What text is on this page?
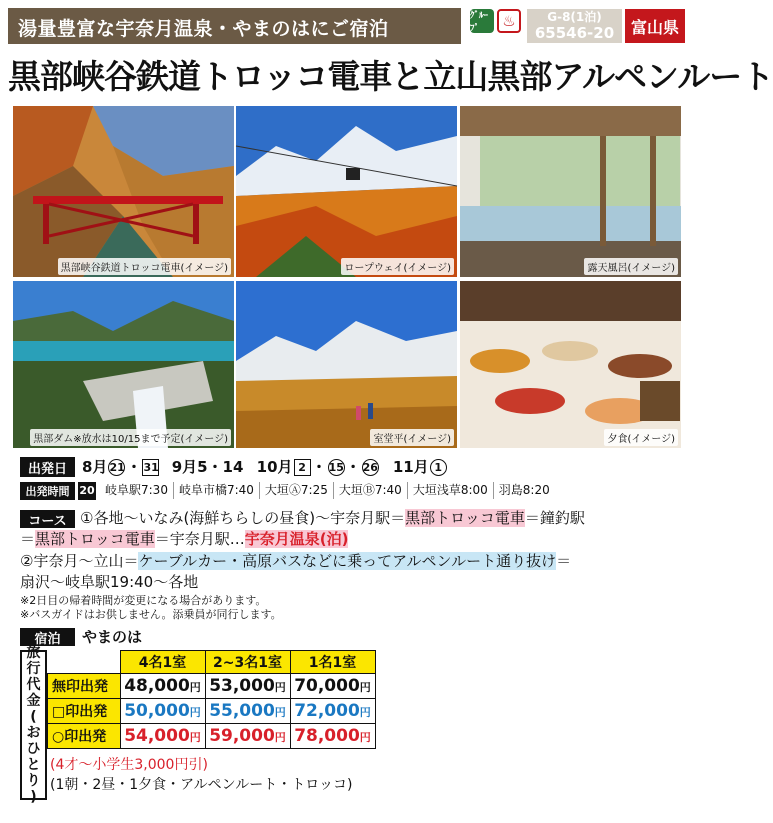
湯量豊富な宇奈月温泉・やまのはにご宿泊
ｸﾞﾙｰﾌﾟ	♨	G-8(1泊)
65546-20	富山県
黒部峡谷鉄道トロッコ電車と立山黒部アルペンルート
黒部峡谷鉄道トロッコ電車(イメージ)	ロープウェイ(イメージ)	露天風呂(イメージ)
黒部ダム※放水は10/15まで予定(イメージ)	室堂平(イメージ)	夕食(イメージ)
出発日	8月 21 ・ 31 9月5・14 10月 2 ・ 15 ・ 26 11月 1
出発時間 20 岐阜駅7:30 岐阜市橋7:40 大垣Ⓐ7:25 大垣Ⓑ7:40 大垣浅草8:00 羽島8:20
コース ①各地～いなみ(海鮮ちらしの昼食)～宇奈月駅＝黒部トロッコ電車＝鐘釣駅
＝黒部トロッコ電車＝宇奈月駅…宇奈月温泉(泊)
②宇奈月～立山＝ケーブルカー・高原バスなどに乗ってアルペンルート通り抜け＝
扇沢～岐阜駅19:40～各地
※2日目の帰着時間が変更になる場合があります。
※バスガイドはお供しません。添乗員が同行します。
宿泊	やまのは
旅
行
代
金
(
お
ひ
と
り
)
	4名1室	2~3名1室	1名1室
無印出発	48,000円	53,000円	70,000円
□印出発	50,000円	55,000円	72,000円
○印出発	54,000円	59,000円	78,000円
(4才～小学生3,000円引)
(1朝・2昼・1夕食・アルペンルート・トロッコ)
